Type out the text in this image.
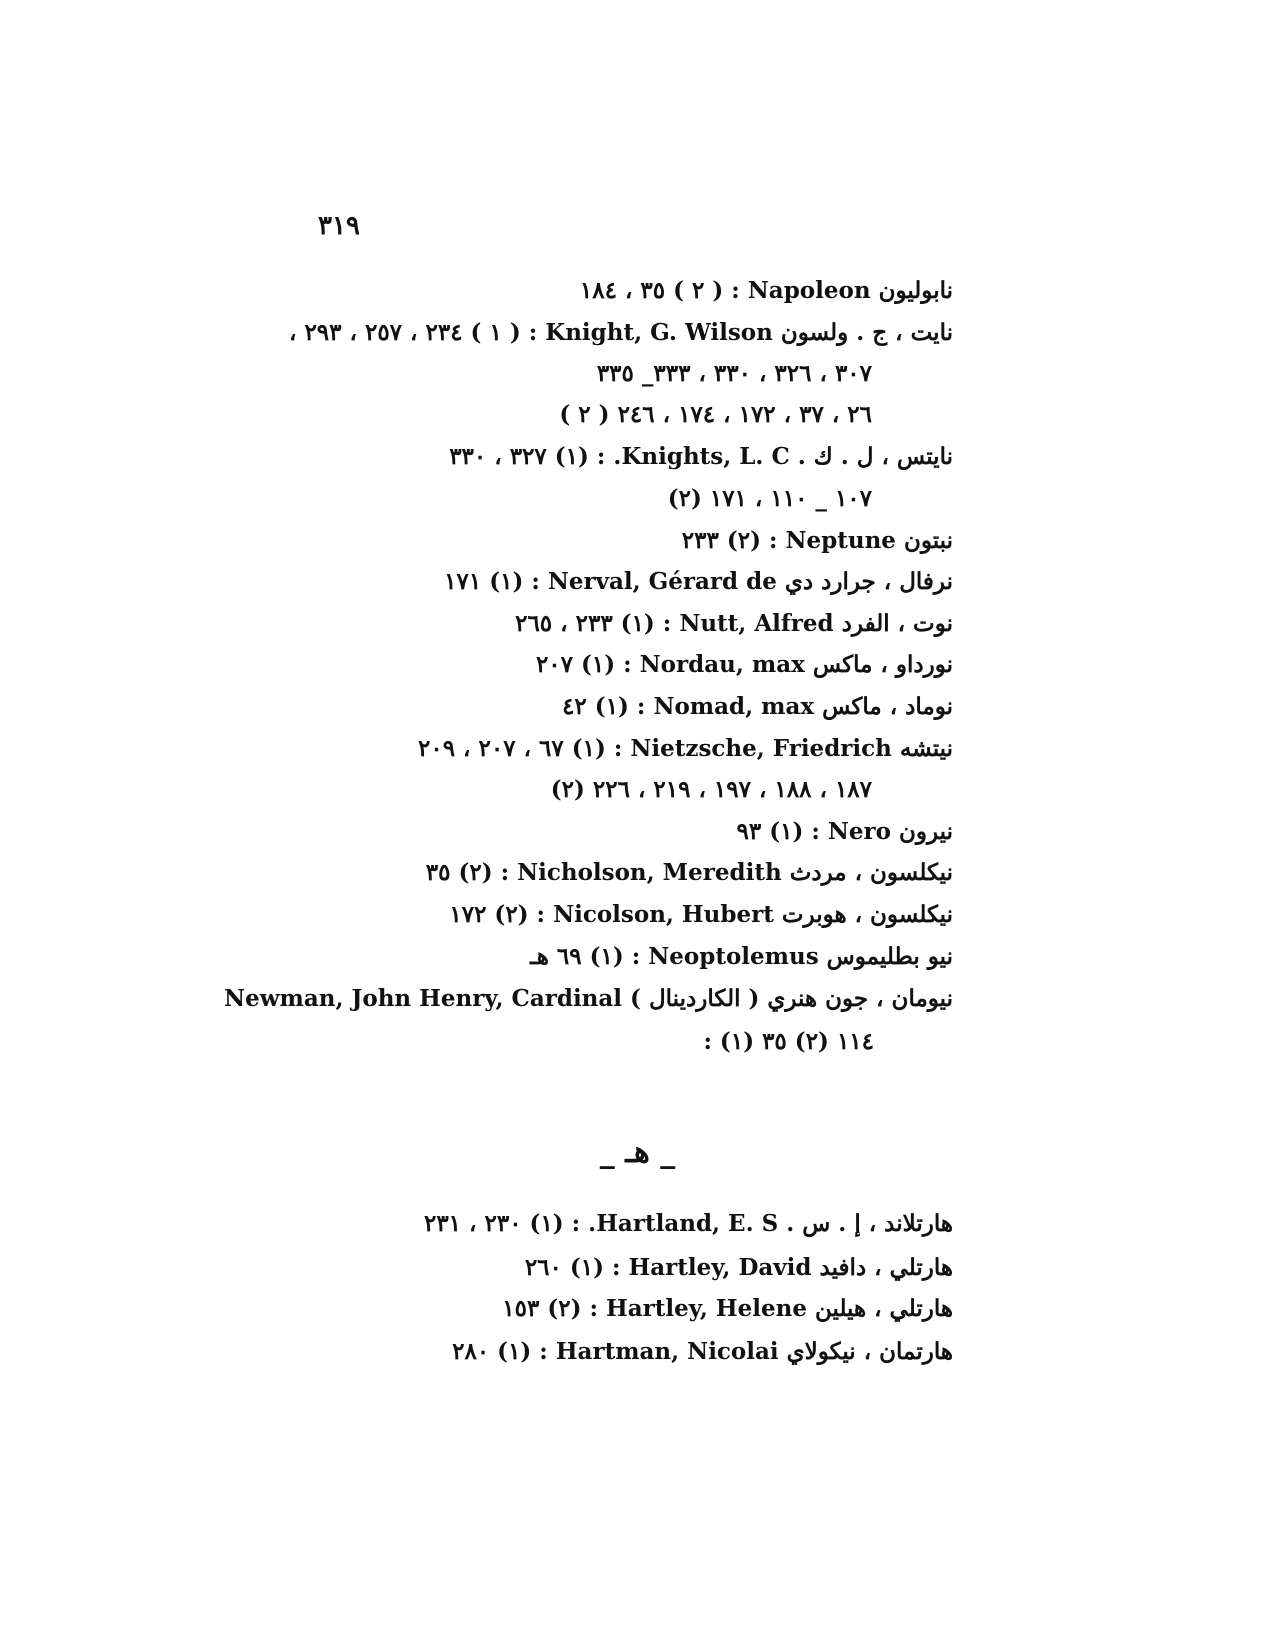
٣١٩
نابوليون Napoleon : ( ٢ ) ٣٥ ، ١٨٤
نايت ، ج . ولسون Knight, G. Wilson : ( ١ ) ٢٣٤ ، ٢٥٧ ، ٢٩٣ ،
٣٠٧ ، ٣٢٦ ، ٣٣٠ ، ٣٣٣_ ٣٣٥
( ٢ ) ٢٦ ، ٣٧ ، ١٧٢ ، ١٧٤ ، ٢٤٦
نايتس ، ل . ك . Knights, L. C. : (١) ٣٢٧ ، ٣٣٠
(٢) ١٠٧ _ ١١٠ ، ١٧١
نبتون Neptune : (٢) ٢٣٣
نرفال ، جرارد دي Nerval, Gérard de : (١) ١٧١
نوت ، الفرد Nutt, Alfred : (١) ٢٣٣ ، ٢٦٥
نورداو ، ماكس Nordau, max : (١) ٢٠٧
نوماد ، ماكس Nomad, max : (١) ٤٢
نيتشه Nietzsche, Friedrich : (١) ٦٧ ، ٢٠٧ ، ٢٠٩
(٢) ١٨٧ ، ١٨٨ ، ١٩٧ ، ٢١٩ ، ٢٢٦
نيرون Nero : (١) ٩٣
نيكلسون ، مردث Nicholson, Meredith : (٢) ٣٥
نيكلسون ، هوبرت Nicolson, Hubert : (٢) ١٧٢
نيو بطليموس Neoptolemus : (١) ٦٩ هـ
نيومان ، جون هنري ( الكاردينال ) Newman, John Henry, Cardinal
: (١) ١١٤ (٢) ٣٥
_ هـ _
هارتلاند ، إ . س . Hartland, E. S. : (١) ٢٣٠ ، ٢٣١
هارتلي ، دافيد Hartley, David : (١) ٢٦٠
هارتلي ، هيلين Hartley, Helene : (٢) ١٥٣
هارتمان ، نيكولاي Hartman, Nicolai : (١) ٢٨٠
